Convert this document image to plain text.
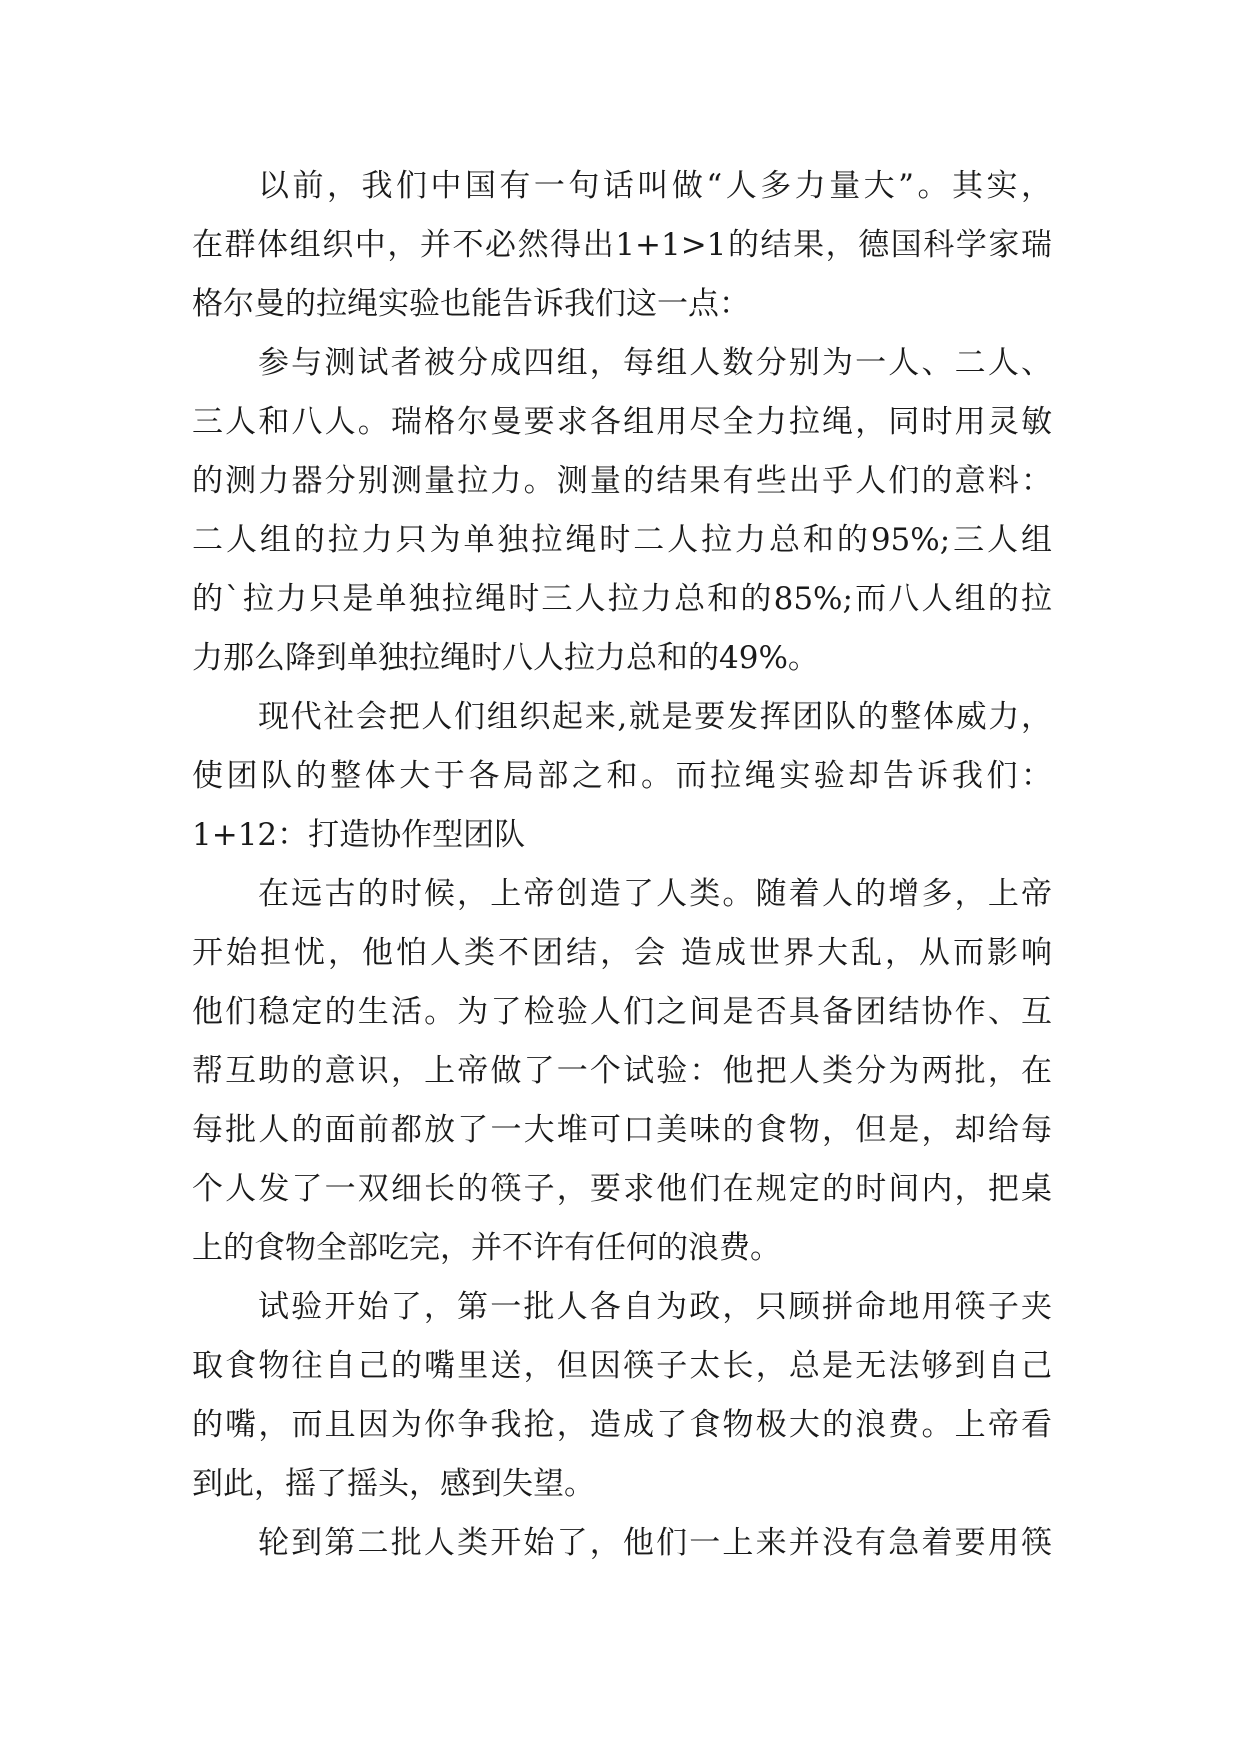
以前，我们中国有一句话叫做“人多力量大”。其实，
在群体组织中，并不必然得出1+1>1的结果，德国科学家瑞
格尔曼的拉绳实验也能告诉我们这一点：
参与测试者被分成四组，每组人数分别为一人、二人、
三人和八人。瑞格尔曼要求各组用尽全力拉绳，同时用灵敏
的测力器分别测量拉力。测量的结果有些出乎人们的意料：
二人组的拉力只为单独拉绳时二人拉力总和的95%;三人组
的`拉力只是单独拉绳时三人拉力总和的85%;而八人组的拉
力那么降到单独拉绳时八人拉力总和的49%。
现代社会把人们组织起来,就是要发挥团队的整体威力，
使团队的整体大于各局部之和。而拉绳实验却告诉我们：
1+12：打造协作型团队
在远古的时候，上帝创造了人类。随着人的增多，上帝
开始担忧，他怕人类不团结，会 造成世界大乱，从而影响
他们稳定的生活。为了检验人们之间是否具备团结协作、互
帮互助的意识，上帝做了一个试验：他把人类分为两批，在
每批人的面前都放了一大堆可口美味的食物，但是，却给每
个人发了一双细长的筷子，要求他们在规定的时间内，把桌
上的食物全部吃完，并不许有任何的浪费。
试验开始了，第一批人各自为政，只顾拼命地用筷子夹
取食物往自己的嘴里送，但因筷子太长，总是无法够到自己
的嘴，而且因为你争我抢，造成了食物极大的浪费。上帝看
到此，摇了摇头，感到失望。
轮到第二批人类开始了，他们一上来并没有急着要用筷
